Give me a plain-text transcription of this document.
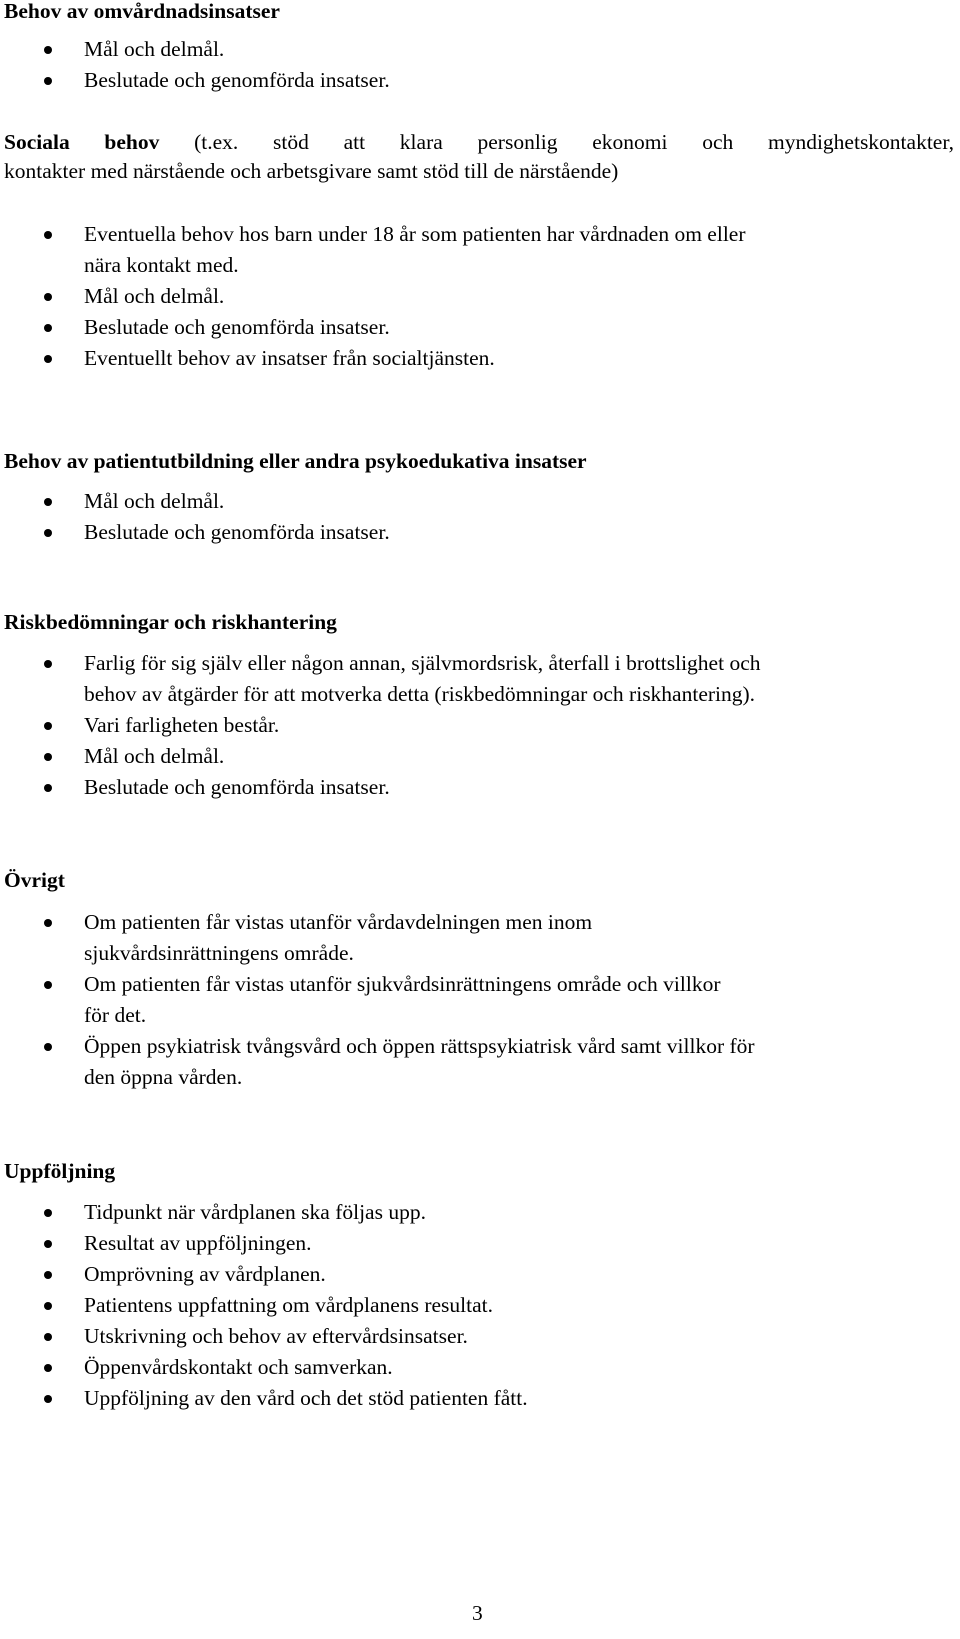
Behov av omvårdnadsinsatser
Mål och delmål.
Beslutade och genomförda insatser.
Sociala behov (t.ex. stöd att klara personlig ekonomi och myndighetskontakter,
kontakter med närstående och arbetsgivare samt stöd till de närstående)
Eventuella behov hos barn under 18 år som patienten har vårdnaden om eller
nära kontakt med.
Mål och delmål.
Beslutade och genomförda insatser.
Eventuellt behov av insatser från socialtjänsten.
Behov av patientutbildning eller andra psykoedukativa insatser
Mål och delmål.
Beslutade och genomförda insatser.
Riskbedömningar och riskhantering
Farlig för sig själv eller någon annan, självmordsrisk, återfall i brottslighet och
behov av åtgärder för att motverka detta (riskbedömningar och riskhantering).
Vari farligheten består.
Mål och delmål.
Beslutade och genomförda insatser.
Övrigt
Om patienten får vistas utanför vårdavdelningen men inom
sjukvårdsinrättningens område.
Om patienten får vistas utanför sjukvårdsinrättningens område och villkor
för det.
Öppen psykiatrisk tvångsvård och öppen rättspsykiatrisk vård samt villkor för
den öppna vården.
Uppföljning
Tidpunkt när vårdplanen ska följas upp.
Resultat av uppföljningen.
Omprövning av vårdplanen.
Patientens uppfattning om vårdplanens resultat.
Utskrivning och behov av eftervårdsinsatser.
Öppenvårdskontakt och samverkan.
Uppföljning av den vård och det stöd patienten fått.
3
